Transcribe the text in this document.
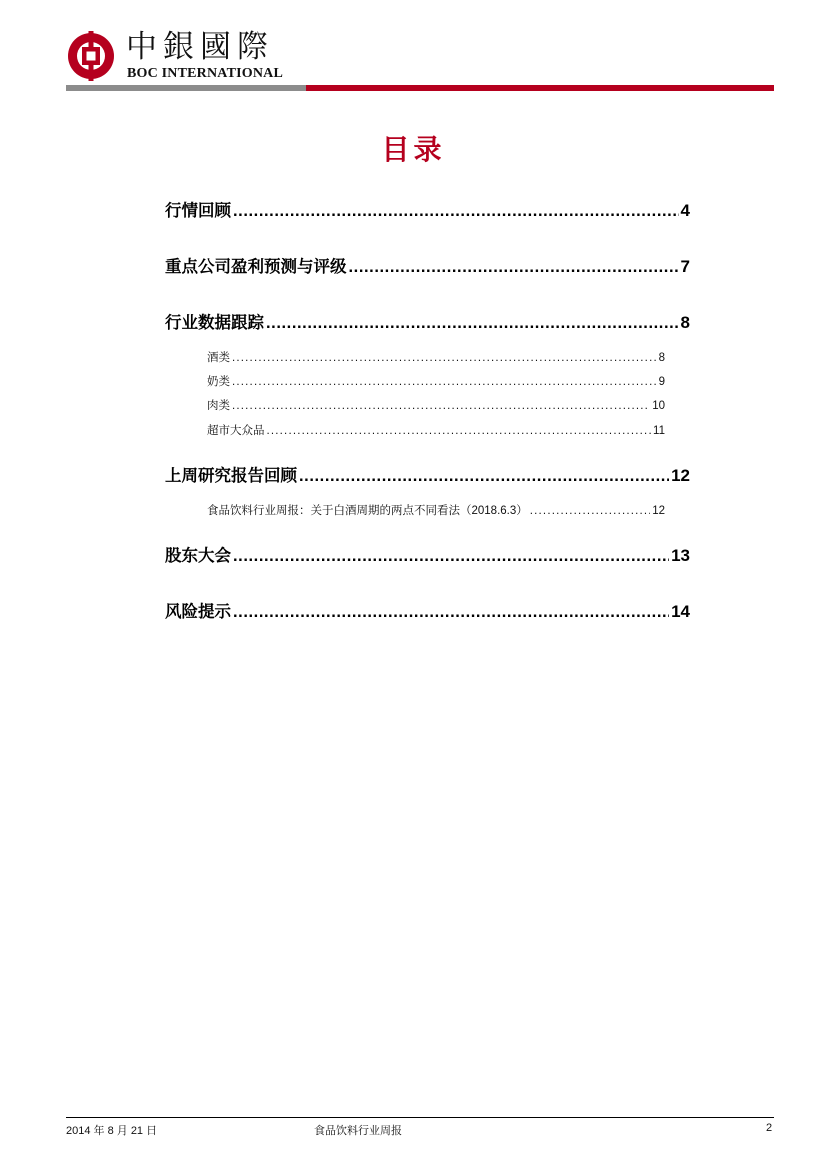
中銀國際
BOC INTERNATIONAL
目录
行情回顾 . . .	4
重点公司盈利预测与评级 . . .	7
行业数据跟踪 . . .	8
酒类 . . .	8
奶类 . . .	9
肉类 . . .	10
超市大众品 . . .	11
上周研究报告回顾 . . .	12
食品饮料行业周报：关于白酒周期的两点不同看法（2018.6.3） . . .	12
股东大会 . . .	13
风险提示 . . .	14
2014 年 8 月 21 日	食品饮料行业周报	2
